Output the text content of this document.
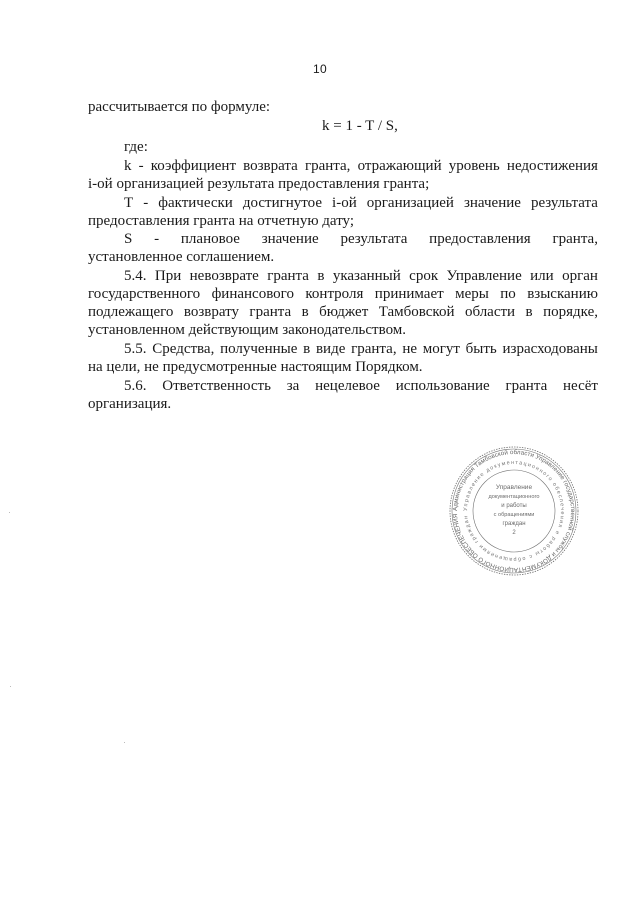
10
рассчитывается по формуле:
k = 1 - T / S,
где:
k - коэффициент возврата гранта, отражающий уровень недостижения
i-ой организацией результата предоставления гранта;
Т - фактически достигнутое i-ой организацией значение результата
предоставления гранта на отчетную дату;
S - плановое значение результата предоставления гранта,
установленное соглашением.
5.4. При невозврате гранта в указанный срок Управление или орган
государственного финансового контроля принимает меры по взысканию
подлежащего возврату гранта в бюджет Тамбовской области в порядке,
установленном действующим законодательством.
5.5. Средства, полученные в виде гранта, не могут быть израсходованы
на цели, не предусмотренные настоящим Порядком.
5.6. Ответственность за нецелевое использование гранта несёт
организация.
Администрация Тамбовской области Управление государственной службы и ДОКУМЕНТАЦИОННОГО ОБЕСПЕЧЕНИЯ
Управление документационного обеспечения и работы с обращениями граждан
Управление
документационного
и работы
с обращениями
граждан
2
